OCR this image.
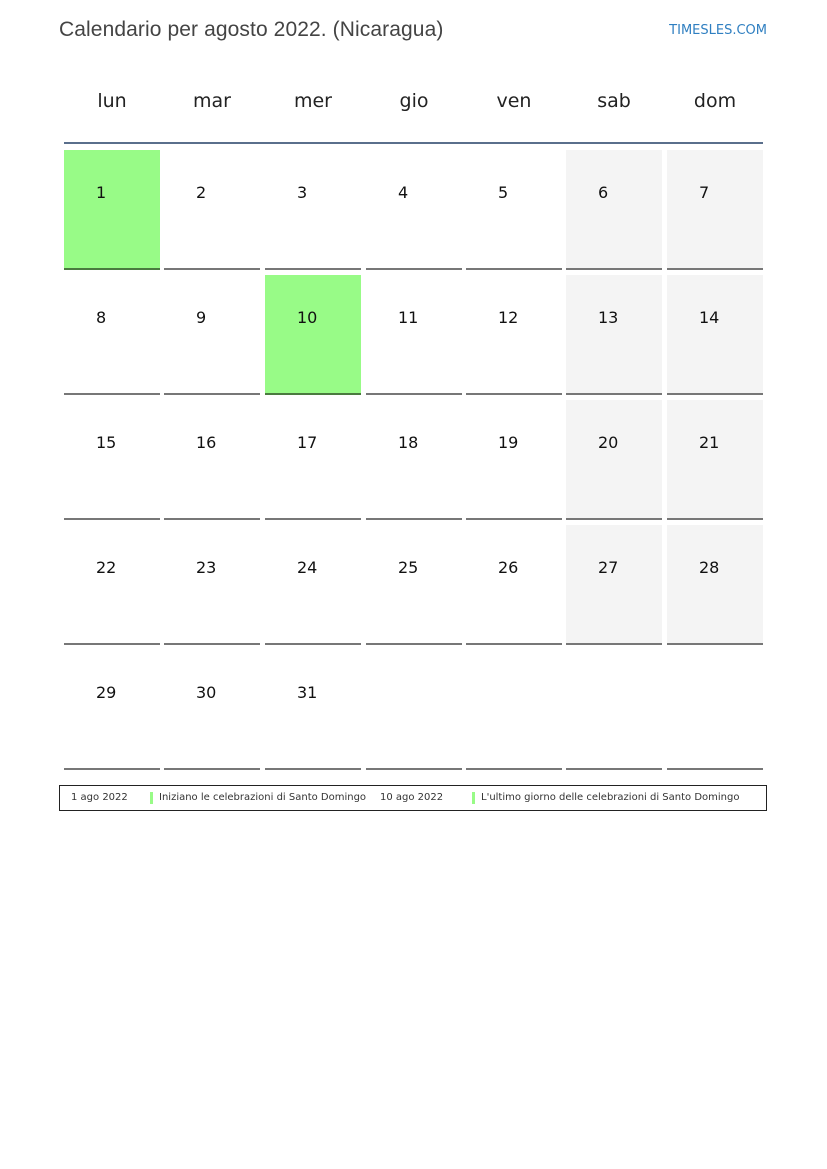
Calendario per agosto 2022. (Nicaragua)	TIMESLES.COM
lun	mar	mer	gio	ven	sab	dom
1	2	3	4	5	6	7
8	9	10	11	12	13	14
15	16	17	18	19	20	21
22	23	24	25	26	27	28
29	30	31
1 ago 2022	Iniziano le celebrazioni di Santo Domingo 10 ago 2022	L'ultimo giorno delle celebrazioni di Santo Domingo
